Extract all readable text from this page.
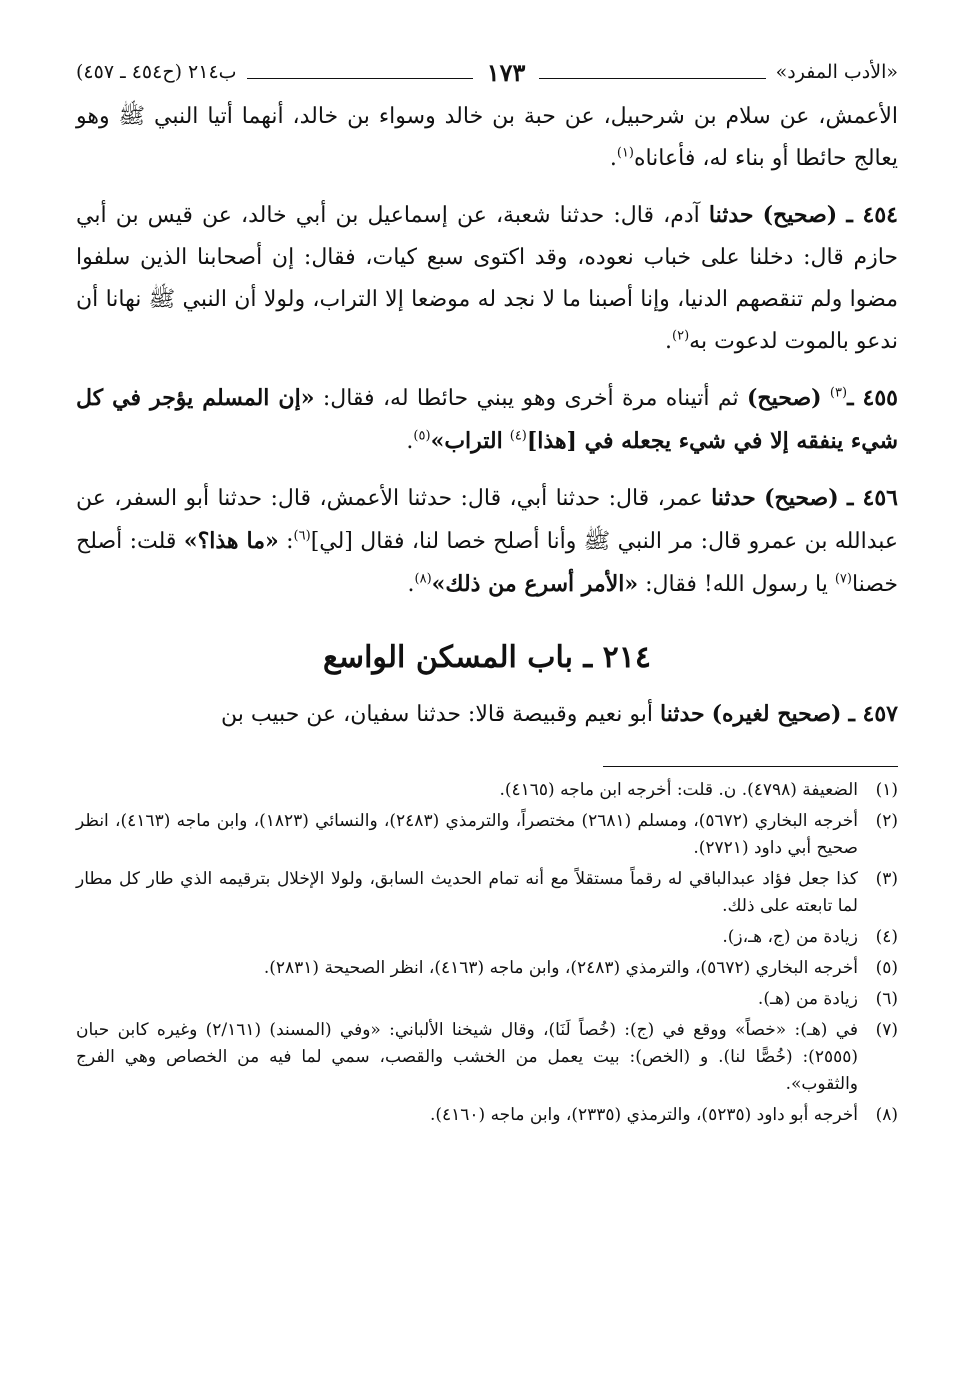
«الأدب المفرد»
١٧٣
ب٢١٤ (ح٤٥٤ ـ ٤٥٧)

الأعمش، عن سلام بن شرحبيل، عن حبة بن خالد وسواء بن خالد، أنهما أتيا النبي ﷺ وهو يعالج حائطا أو بناء له، فأعاناه$^{(١)}$.

٤٥٤ ـ (صحيح) حدثنا آدم، قال: حدثنا شعبة، عن إسماعيل بن أبي خالد، عن قيس بن أبي حازم قال: دخلنا على خباب نعوده، وقد اكتوى سبع كيات، فقال: إن أصحابنا الذين سلفوا مضوا ولم تنقصهم الدنيا، وإنا أصبنا ما لا نجد له موضعا إلا التراب، ولولا أن النبي ﷺ نهانا أن ندعو بالموت لدعوت به$^{(٢)}$.

٤٥٥ ـ$^{(٣)}$ (صحيح) ثم أتيناه مرة أخرى وهو يبني حائطا له، فقال: «إن المسلم يؤجر في كل شيء ينفقه إلا في شيء يجعله في [هذا]$^{(٤)}$ التراب»$^{(٥)}$.

٤٥٦ ـ (صحيح) حدثنا عمر، قال: حدثنا أبي، قال: حدثنا الأعمش، قال: حدثنا أبو السفر، عن عبدالله بن عمرو قال: مر النبي ﷺ وأنا أصلح خصا لنا، فقال [لي]$^{(٦)}$: «ما هذا؟» قلت: أصلح خصنا$^{(٧)}$ يا رسول الله! فقال: «الأمر أسرع من ذلك»$^{(٨)}$.

٢١٤ ـ باب المسكن الواسع

٤٥٧ ـ (صحيح لغيره) حدثنا أبو نعيم وقبيصة قالا: حدثنا سفيان، عن حبيب بن

(١)
الضعيفة (٤٧٩٨). ن. قلت: أخرجه ابن ماجه (٤١٦٥).
(٢)
أخرجه البخاري (٥٦٧٢)، ومسلم (٢٦٨١) مختصراً، والترمذي (٢٤٨٣)، والنسائي (١٨٢٣)، وابن ماجه (٤١٦٣)، انظر صحيح أبي داود (٢٧٢١).
(٣)
كذا جعل فؤاد عبدالباقي له رقماً مستقلاً مع أنه تمام الحديث السابق، ولولا الإخلال بترقيمه الذي طار كل مطار لما تابعته على ذلك.
(٤)
زيادة من (ج، هـ،ز).
(٥)
أخرجه البخاري (٥٦٧٢)، والترمذي (٢٤٨٣)، وابن ماجه (٤١٦٣)، انظر الصحيحة (٢٨٣١).
(٦)
زيادة من (هـ).
(٧)
في (هـ): «خصاً» ووقع في (ج): (خُصاً لَنَا)، وقال شيخنا الألباني: «وفي (المسند) (٢/١٦١) وغيره كابن حبان (٢٥٥٥): (خُصًّا لنا). و (الخص): بيت يعمل من الخشب والقصب، سمي لما فيه من الخصاص وهي الفرج والثقوب».
(٨)
أخرجه أبو داود (٥٢٣٥)، والترمذي (٢٣٣٥)، وابن ماجه (٤١٦٠).
